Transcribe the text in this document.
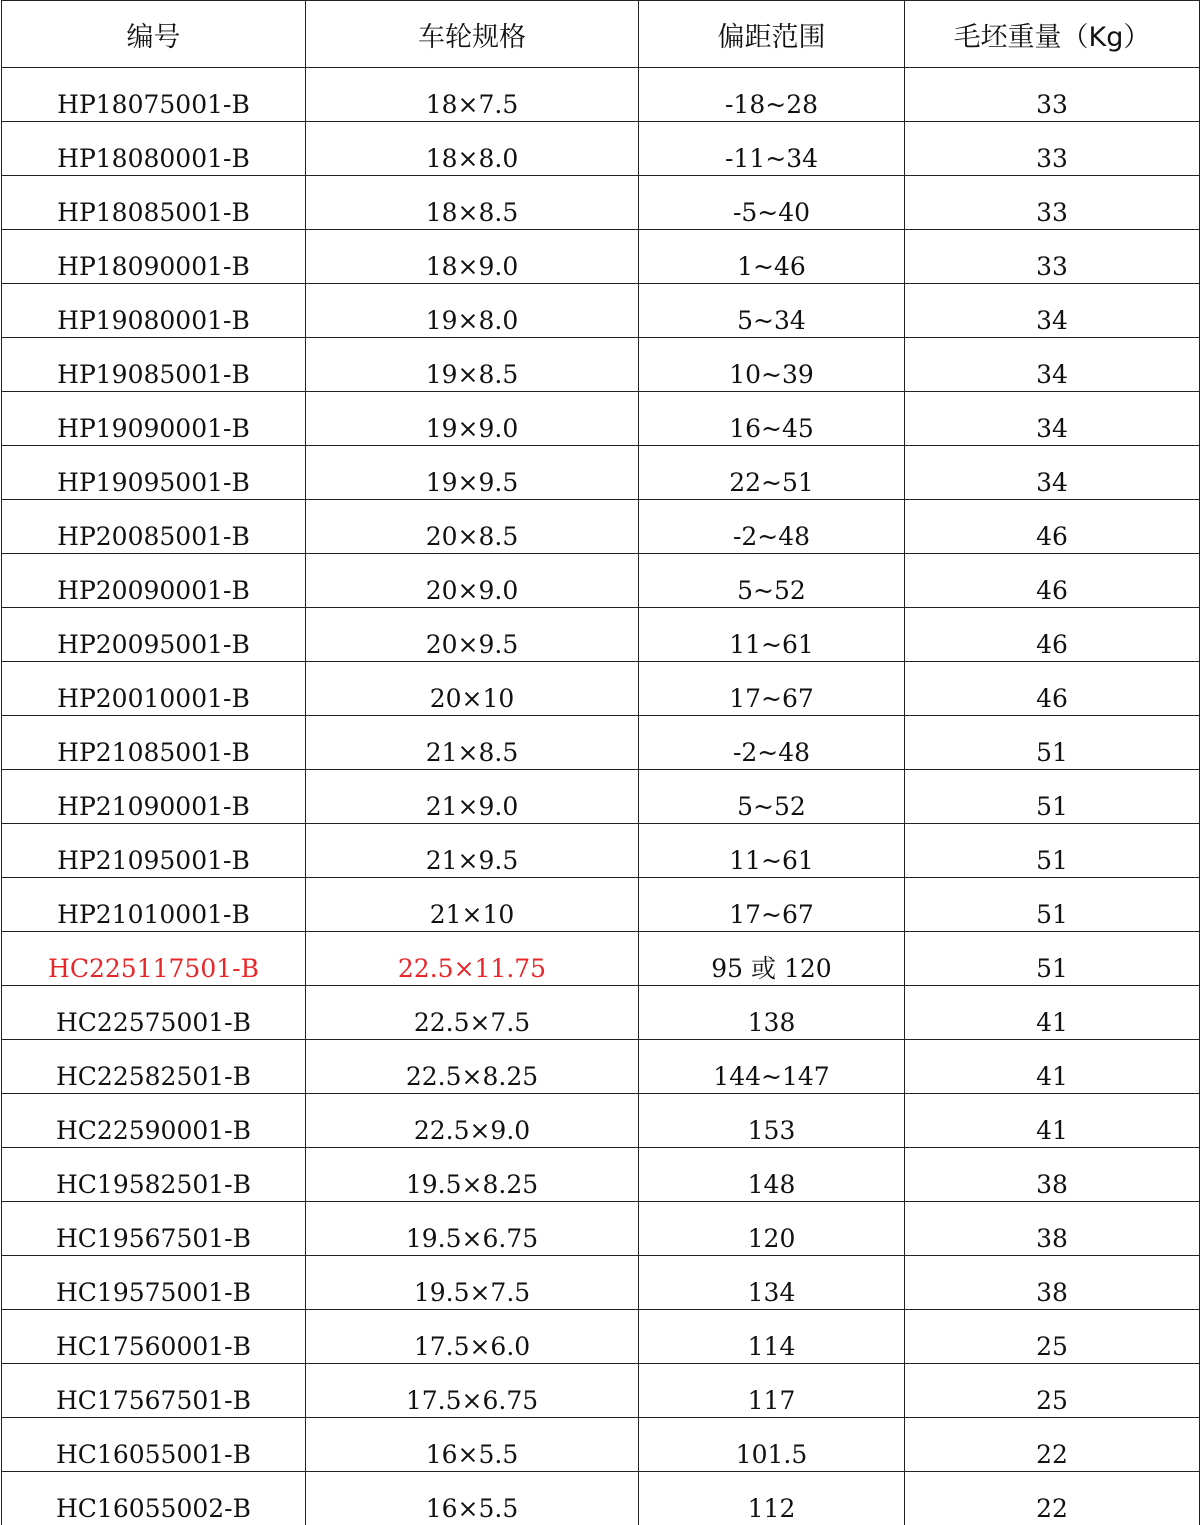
编号	车轮规格	偏距范围	毛坯重量（Kg）
HP18075001-B	18×7.5	-18~28	33
HP18080001-B	18×8.0	-11~34	33
HP18085001-B	18×8.5	-5~40	33
HP18090001-B	18×9.0	1~46	33
HP19080001-B	19×8.0	5~34	34
HP19085001-B	19×8.5	10~39	34
HP19090001-B	19×9.0	16~45	34
HP19095001-B	19×9.5	22~51	34
HP20085001-B	20×8.5	-2~48	46
HP20090001-B	20×9.0	5~52	46
HP20095001-B	20×9.5	11~61	46
HP20010001-B	20×10	17~67	46
HP21085001-B	21×8.5	-2~48	51
HP21090001-B	21×9.0	5~52	51
HP21095001-B	21×9.5	11~61	51
HP21010001-B	21×10	17~67	51
HC225117501-B	22.5×11.75	95 或 120	51
HC22575001-B	22.5×7.5	138	41
HC22582501-B	22.5×8.25	144~147	41
HC22590001-B	22.5×9.0	153	41
HC19582501-B	19.5×8.25	148	38
HC19567501-B	19.5×6.75	120	38
HC19575001-B	19.5×7.5	134	38
HC17560001-B	17.5×6.0	114	25
HC17567501-B	17.5×6.75	117	25
HC16055001-B	16×5.5	101.5	22
HC16055002-B	16×5.5	112	22
